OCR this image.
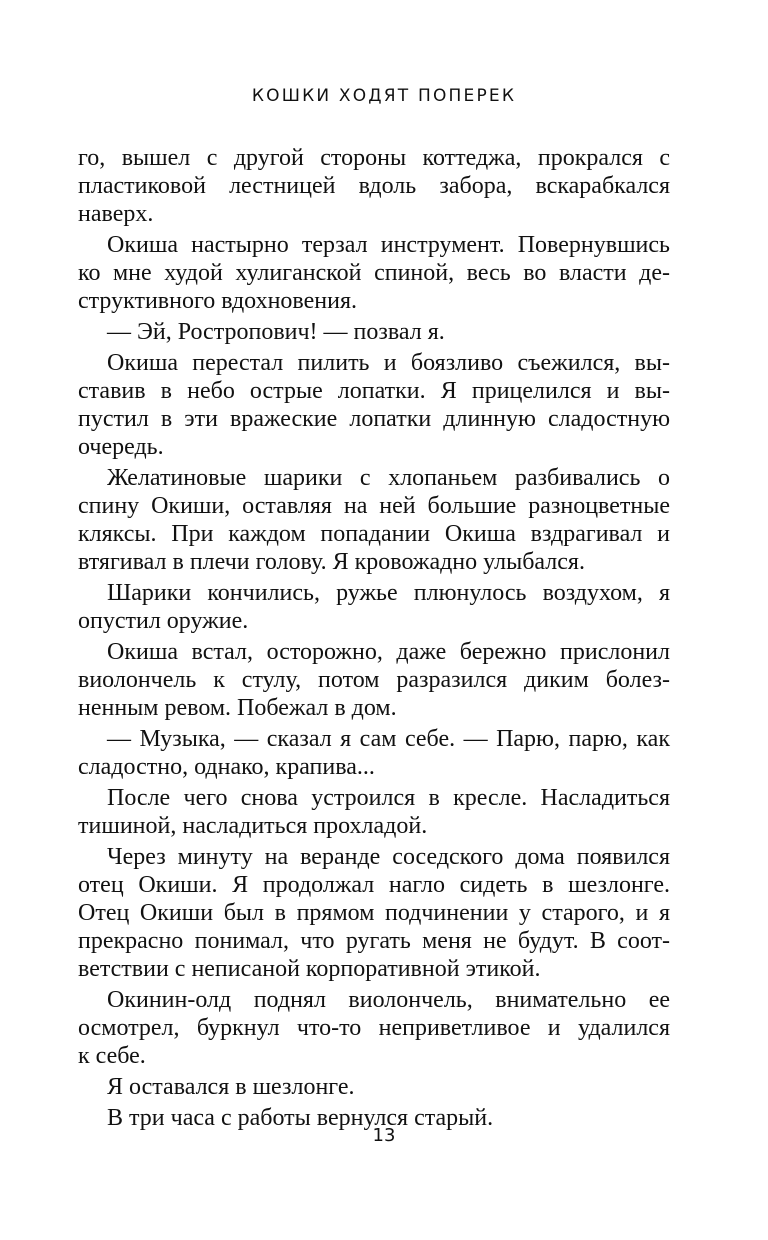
КОШКИ ХОДЯТ ПОПЕРЕК

го, вышел с другой стороны коттеджа, прокрался с
пластиковой лестницей вдоль забора, вскарабкался
наверх.

Окиша настырно терзал инструмент. Повернувшись
ко мне худой хулиганской спиной, весь во власти де-
структивного вдохновения.

— Эй, Ростропович! — позвал я.

Окиша перестал пилить и боязливо съежился, вы-
ставив в небо острые лопатки. Я прицелился и вы-
пустил в эти вражеские лопатки длинную сладостную
очередь.

Желатиновые шарики с хлопаньем разбивались о
спину Окиши, оставляя на ней большие разноцветные
кляксы. При каждом попадании Окиша вздрагивал и
втягивал в плечи голову. Я кровожадно улыбался.

Шарики кончились, ружье плюнулось воздухом, я
опустил оружие.

Окиша встал, осторожно, даже бережно прислонил
виолончель к стулу, потом разразился диким болез-
ненным ревом. Побежал в дом.

— Музыка, — сказал я сам себе. — Парю, парю, как
сладостно, однако, крапива...

После чего снова устроился в кресле. Насладиться
тишиной, насладиться прохладой.

Через минуту на веранде соседского дома появился
отец Окиши. Я продолжал нагло сидеть в шезлонге.
Отец Окиши был в прямом подчинении у старого, и я
прекрасно понимал, что ругать меня не будут. В соот-
ветствии с неписаной корпоративной этикой.

Окинин-олд поднял виолончель, внимательно ее
осмотрел, буркнул что-то неприветливое и удалился
к себе.

Я оставался в шезлонге.

В три часа с работы вернулся старый.

13
